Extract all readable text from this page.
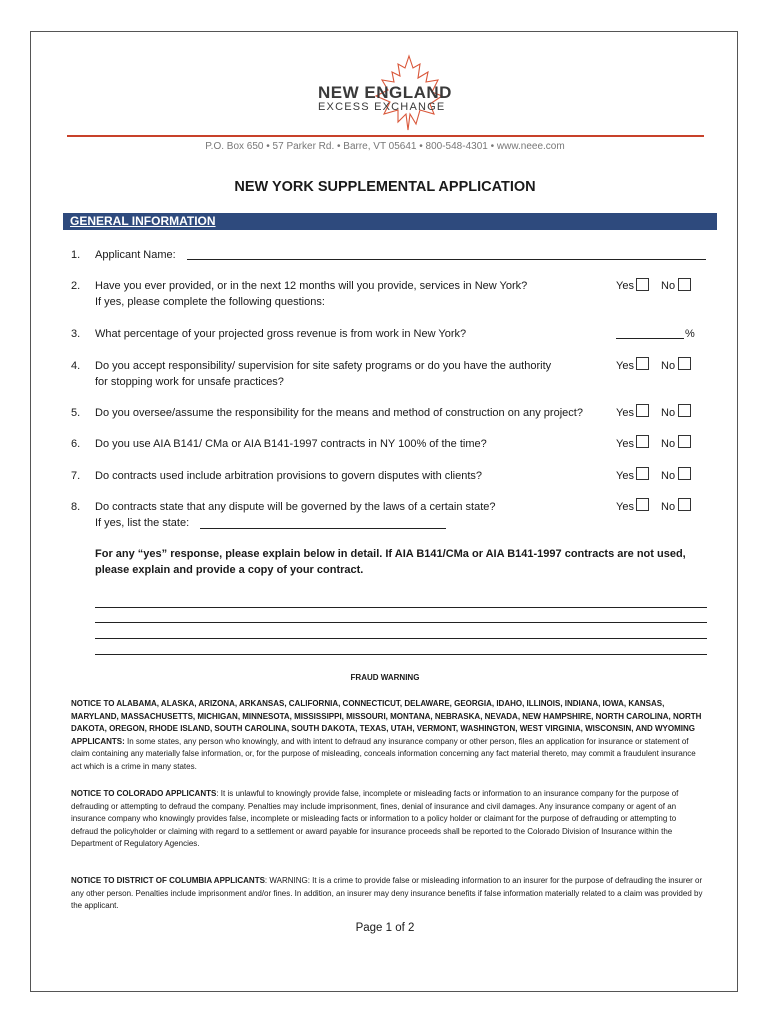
NEW ENGLAND
EXCESS EXCHANGE
P.O. Box 650 • 57 Parker Rd. • Barre, VT 05641 • 800-548-4301 • www.neee.com
NEW YORK SUPPLEMENTAL APPLICATION
GENERAL INFORMATION
1. Applicant Name:
2. Have you ever provided, or in the next 12 months will you provide, services in New York?
If yes, please complete the following questions:
Yes No
3. What percentage of your projected gross revenue is from work in New York?	%
4. Do you accept responsibility/ supervision for site safety programs or do you have the authority
for stopping work for unsafe practices?
Yes No
5. Do you oversee/assume the responsibility for the means and method of construction on any project?	Yes No
6. Do you use AIA B141/ CMa or AIA B141-1997 contracts in NY 100% of the time?	Yes No
7. Do contracts used include arbitration provisions to govern disputes with clients?	Yes No
8. Do contracts state that any dispute will be governed by the laws of a certain state?
If yes, list the state:
Yes No
For any “yes” response, please explain below in detail. If AIA B141/CMa or AIA B141-1997 contracts are not used, please explain and provide a copy of your contract.
FRAUD WARNING
NOTICE TO ALABAMA, ALASKA, ARIZONA, ARKANSAS, CALIFORNIA, CONNECTICUT, DELAWARE, GEORGIA, IDAHO, ILLINOIS, INDIANA, IOWA, KANSAS, MARYLAND, MASSACHUSETTS, MICHIGAN, MINNESOTA, MISSISSIPPI, MISSOURI, MONTANA, NEBRASKA, NEVADA, NEW HAMPSHIRE, NORTH CAROLINA, NORTH DAKOTA, OREGON, RHODE ISLAND, SOUTH CAROLINA, SOUTH DAKOTA, TEXAS, UTAH, VERMONT, WASHINGTON, WEST VIRGINIA, WISCONSIN, AND WYOMING APPLICANTS: In some states, any person who knowingly, and with intent to defraud any insurance company or other person, files an application for insurance or statement of claim containing any materially false information, or, for the purpose of misleading, conceals information concerning any fact material thereto, may commit a fraudulent insurance act which is a crime in many states.
NOTICE TO COLORADO APPLICANTS: It is unlawful to knowingly provide false, incomplete or misleading facts or information to an insurance company for the purpose of defrauding or attempting to defraud the company. Penalties may include imprisonment, fines, denial of insurance and civil damages. Any insurance company or agent of an insurance company who knowingly provides false, incomplete or misleading facts or information to a policy holder or claimant for the purpose of defrauding or attempting to defraud the policyholder or claiming with regard to a settlement or award payable for insurance proceeds shall be reported to the Colorado Division of Insurance within the Department of Regulatory Agencies.
NOTICE TO DISTRICT OF COLUMBIA APPLICANTS: WARNING: It is a crime to provide false or misleading information to an insurer for the purpose of defrauding the insurer or any other person. Penalties include imprisonment and/or fines. In addition, an insurer may deny insurance benefits if false information materially related to a claim was provided by the applicant.
Page 1 of 2
